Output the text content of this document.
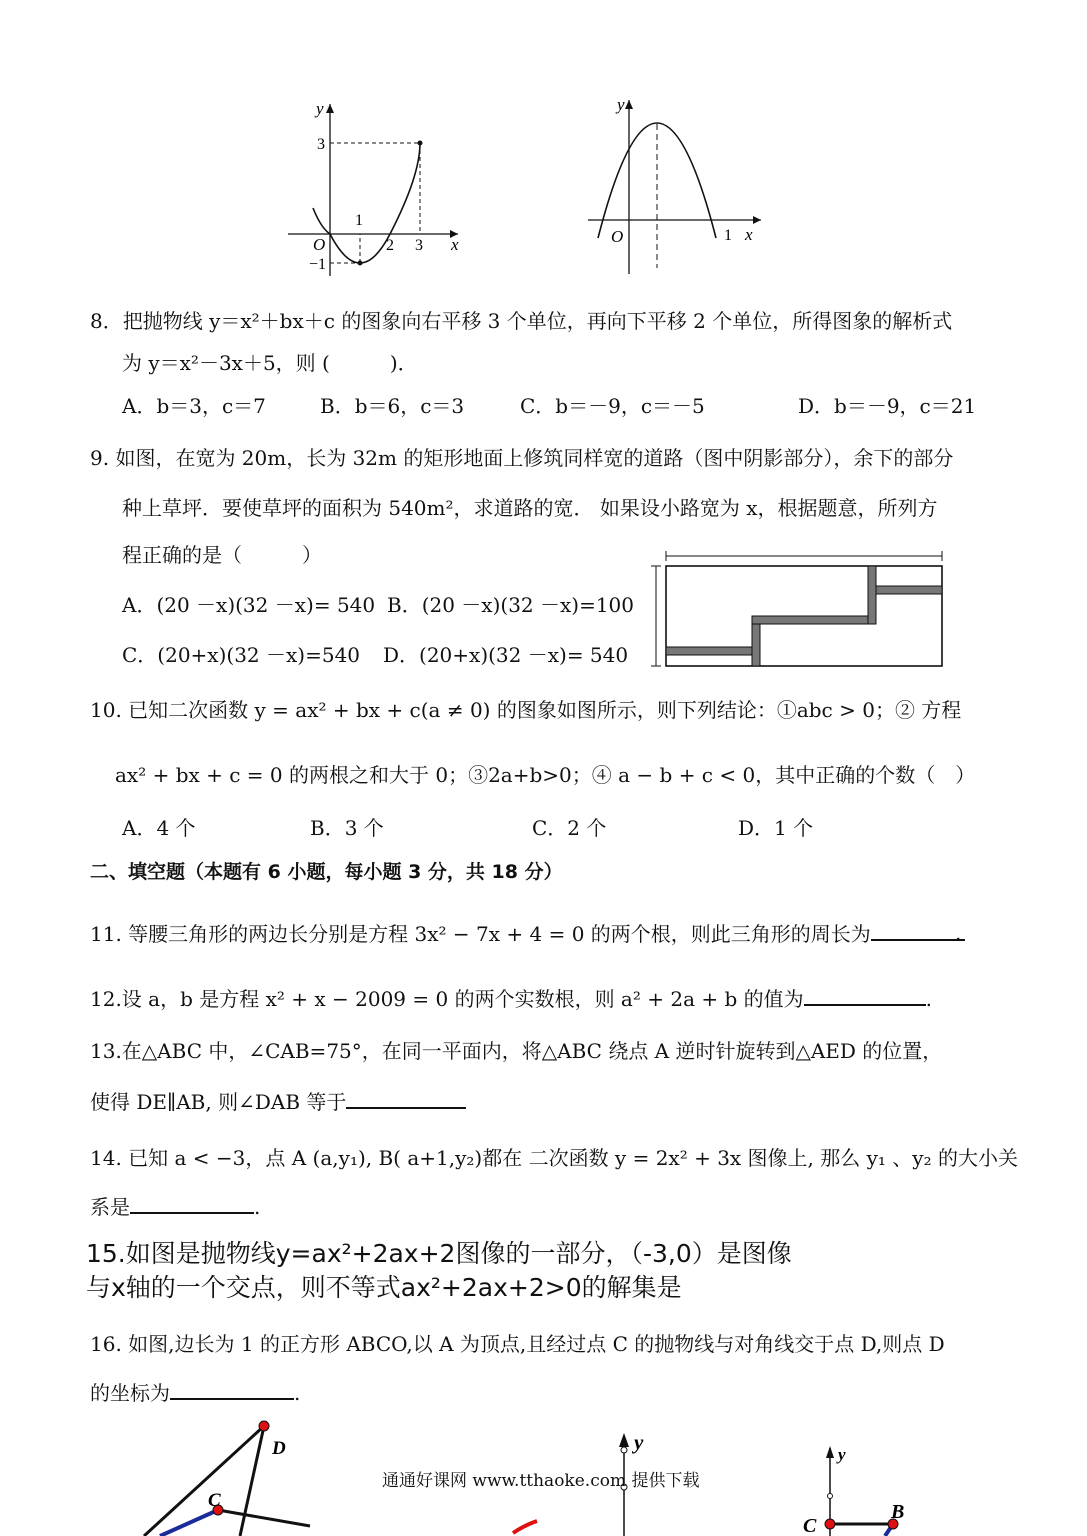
y
x
O
3
1
−1
2 3
y
x
O	1
8．把抛物线 y＝x²＋bx＋c 的图象向右平移 3 个单位，再向下平移 2 个单位，所得图象的解析式
为 y＝x²－3x＋5，则 (　　　)．
A．b＝3，c＝7	B．b＝6，c＝3	C．b＝－9，c＝－5	D．b＝－9，c＝21
9. 如图，在宽为 20m，长为 32m 的矩形地面上修筑同样宽的道路（图中阴影部分），余下的部分
种上草坪．要使草坪的面积为 540m²，求道路的宽． 如果设小路宽为 x，根据题意，所列方
程正确的是（　　　）
A．(20 －x)(32 －x)= 540 B．(20 －x)(32 －x)=100
C．(20+x)(32 －x)=540 D．(20+x)(32 －x)= 540
10. 已知二次函数 y = ax² + bx + c(a ≠ 0) 的图象如图所示，则下列结论：①abc > 0；② 方程
ax² + bx + c = 0 的两根之和大于 0；③2a+b>0；④ a − b + c < 0，其中正确的个数（　）
A．4 个	B．3 个	C．2 个	D．1 个
二、填空题（本题有 6 小题，每小题 3 分，共 18 分）
11. 等腰三角形的两边长分别是方程 3x² − 7x + 4 = 0 的两个根，则此三角形的周长为	.
12.设 a，b 是方程 x² + x − 2009 = 0 的两个实数根，则 a² + 2a + b 的值为	.
13.在△ABC 中，∠CAB=75°，在同一平面内，将△ABC 绕点 A 逆时针旋转到△AED 的位置，
使得 DE∥AB, 则∠DAB 等于
14. 已知 a < −3，点 A (a,y₁), B( a+1,y₂)都在 二次函数 y = 2x² + 3x 图像上, 那么 y₁ 、y₂ 的大小关
系是	.
15.如图是抛物线y=ax²+2ax+2图像的一部分，（-3,0）是图像
与x轴的一个交点，则不等式ax²+2ax+2>0的解集是
16. 如图,边长为 1 的正方形 ABCO,以 A 为顶点,且经过点 C 的抛物线与对角线交于点 D,则点 D
的坐标为	.
D
C
y
y
C
B
通通好课网 www.tthaoke.com 提供下载
